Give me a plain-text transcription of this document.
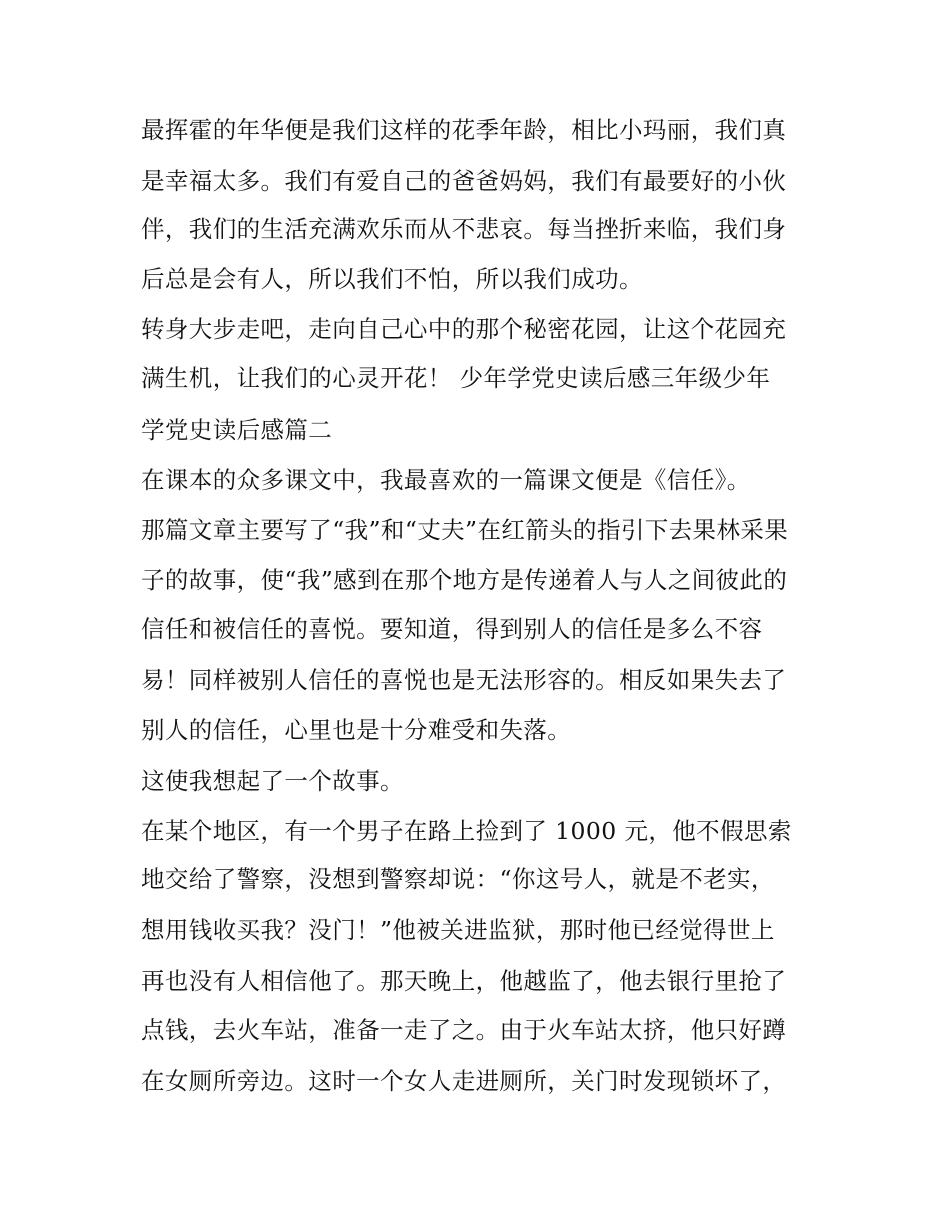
最挥霍的年华便是我们这样的花季年龄，相比小玛丽，我们真
是幸福太多。我们有爱自己的爸爸妈妈，我们有最要好的小伙
伴，我们的生活充满欢乐而从不悲哀。每当挫折来临，我们身
后总是会有人，所以我们不怕，所以我们成功。
转身大步走吧，走向自己心中的那个秘密花园，让这个花园充
满生机，让我们的心灵开花！ 少年学党史读后感三年级少年
学党史读后感篇二
在课本的众多课文中，我最喜欢的一篇课文便是《信任》。
那篇文章主要写了“我”和“丈夫”在红箭头的指引下去果林采果
子的故事，使“我”感到在那个地方是传递着人与人之间彼此的
信任和被信任的喜悦。要知道，得到别人的信任是多么不容
易！同样被别人信任的喜悦也是无法形容的。相反如果失去了
别人的信任，心里也是十分难受和失落。
这使我想起了一个故事。
在某个地区，有一个男子在路上捡到了 1000 元，他不假思索
地交给了警察，没想到警察却说：“你这号人，就是不老实，
想用钱收买我？没门！”他被关进监狱，那时他已经觉得世上
再也没有人相信他了。那天晚上，他越监了，他去银行里抢了
点钱，去火车站，准备一走了之。由于火车站太挤，他只好蹲
在女厕所旁边。这时一个女人走进厕所，关门时发现锁坏了，
